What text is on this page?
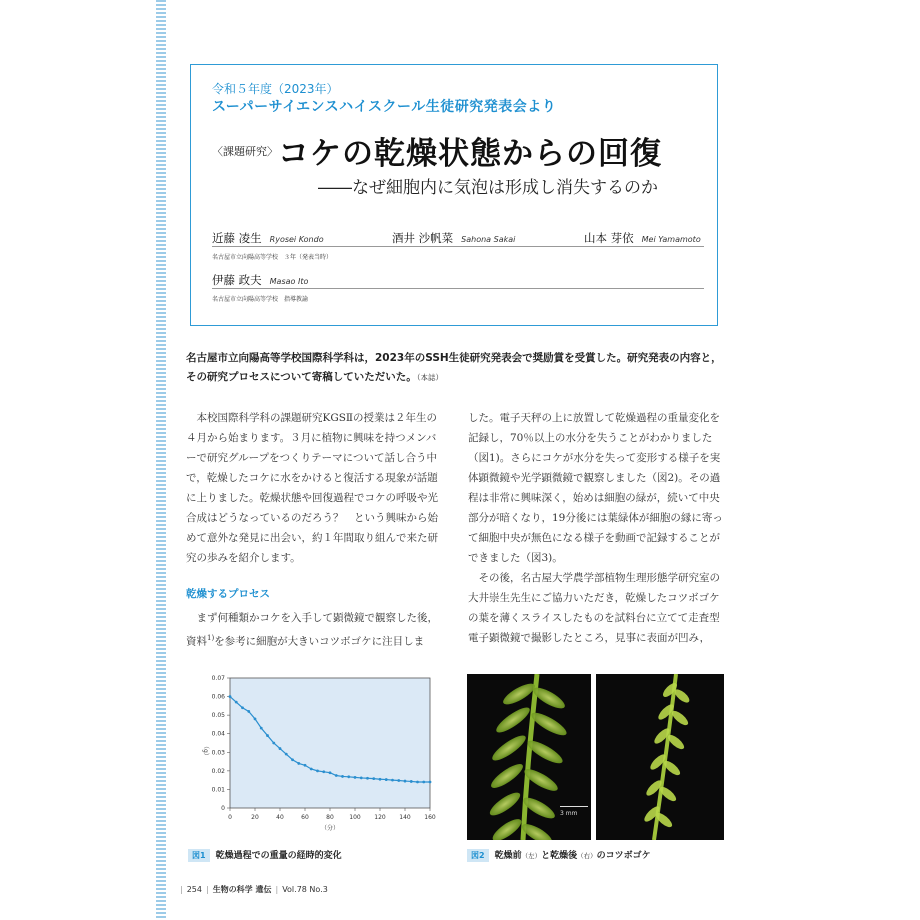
令和５年度（2023年）
スーパーサイエンスハイスクール生徒研究発表会より
〈課題研究〉 コケの乾燥状態からの回復
――なぜ細胞内に気泡は形成し消失するのか
近藤 凌生 Ryosei Kondo	酒井 沙帆菜 Sahona Sakai	山本 芽依 Mei Yamamoto
名古屋市立向陽高等学校　３年（発表当時）
伊藤 政夫 Masao Ito
名古屋市立向陽高等学校　指導教諭
名古屋市立向陽高等学校国際科学科は，2023年のSSH生徒研究発表会で奨励賞を受賞した。研究発表の内容と，その研究プロセスについて寄稿していただいた。（本誌）

本校国際科学科の課題研究KGSⅡの授業は２年生の４月から始まります。３月に植物に興味を持つメンバーで研究グループをつくりテーマについて話し合う中で，乾燥したコケに水をかけると復活する現象が話題に上りました。乾燥状態や回復過程でコケの呼吸や光合成はどうなっているのだろう？　という興味から始めて意外な発見に出会い，約１年間取り組んで来た研究の歩みを紹介します。

乾燥するプロセス

まず何種類かコケを入手して顕微鏡で観察した後，資料$^{1)}$を参考に細胞が大きいコツボゴケに注目しま

した。電子天秤の上に放置して乾燥過程の重量変化を記録し，70％以上の水分を失うことがわかりました（図1)。さらにコケが水分を失って変形する様子を実体顕微鏡や光学顕微鏡で観察しました（図2)。その過程は非常に興味深く，始めは細胞の緑が，続いて中央部分が暗くなり，19分後には葉緑体が細胞の縁に寄って細胞中央が無色になる様子を動画で記録することができました（図3)。

その後，名古屋大学農学部植物生理形態学研究室の大井崇生先生にご協力いただき，乾燥したコツボゴケの葉を薄くスライスしたものを試料台に立てて走査型電子顕微鏡で撮影したところ，見事に表面が凹み，

0
0.01
0.02
0.03
0.04
0.05
0.06
0.07
0	20	40	60	80	100 120 140 160
（g）
（分）
3 mm
図1 乾燥過程での重量の経時的変化	図2 乾燥前（左）と乾燥後（右）のコツボゴケ
| 254 | 生物の科学 遺伝 | Vol.78 No.3
